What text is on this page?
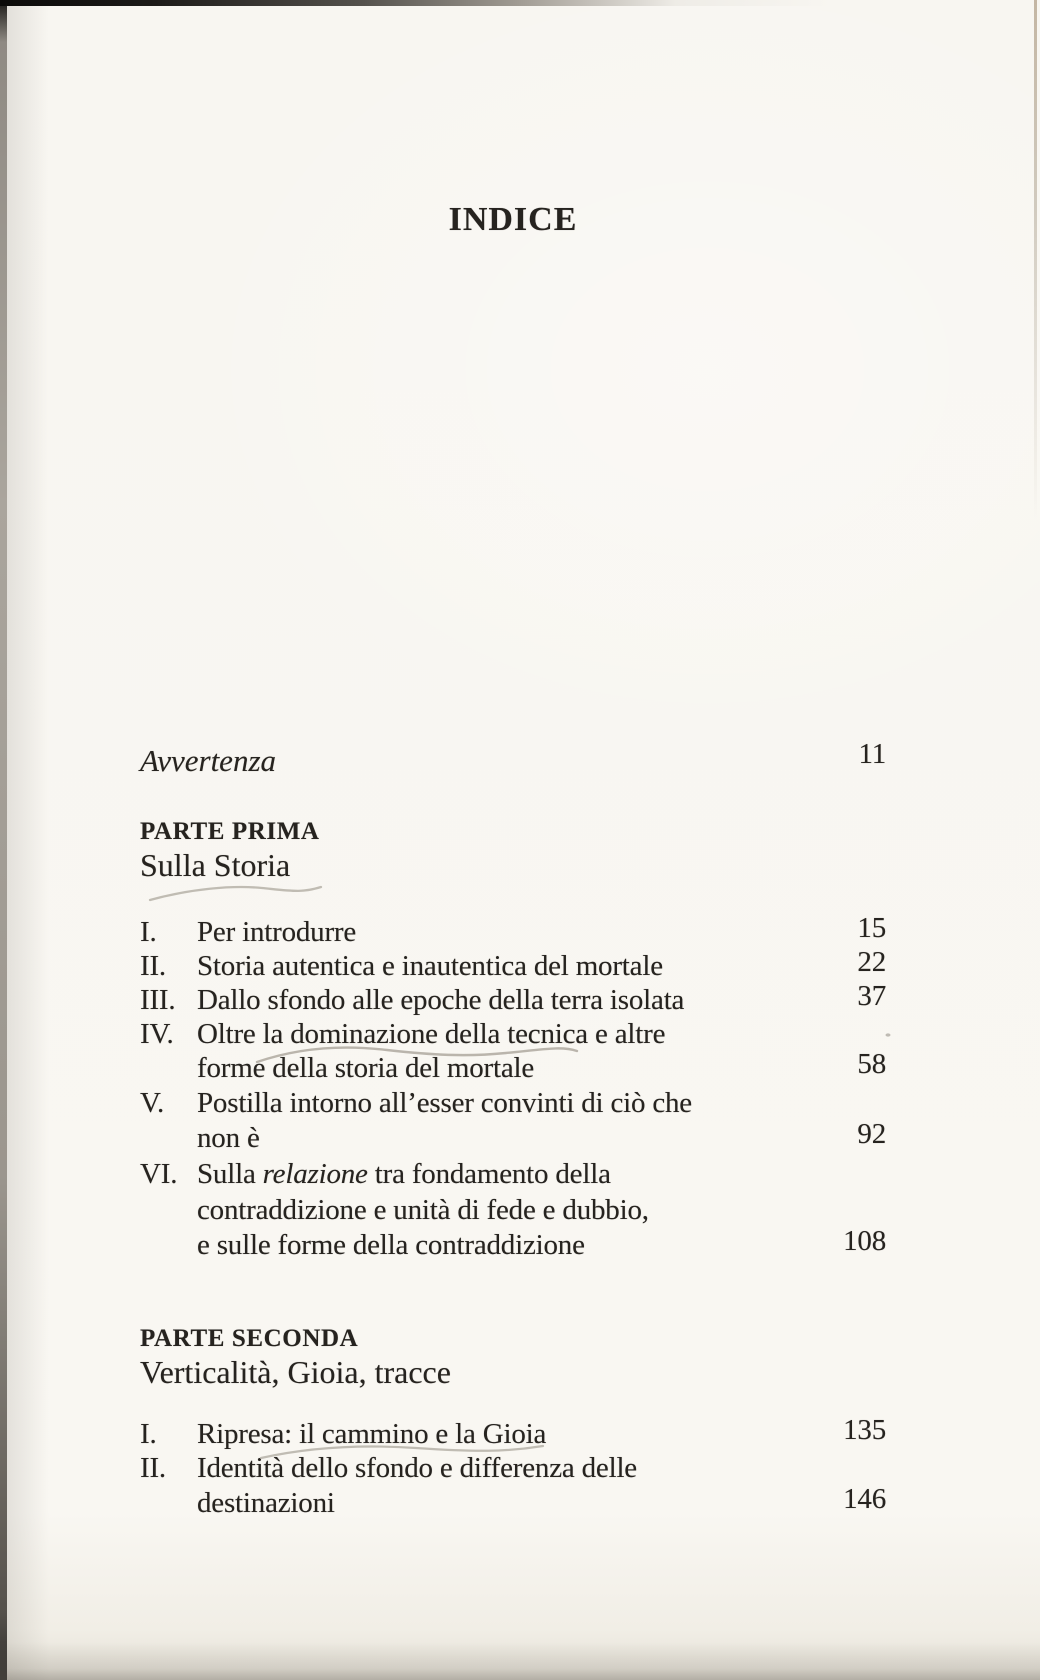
INDICE
Avvertenza	11
PARTE PRIMA
Sulla Storia
I. Per introdurre	15
II. Storia autentica e inautentica del mortale	22
III. Dallo sfondo alle epoche della terra isolata	37
IV. Oltre la dominazione della tecnica e altre
forme della storia del mortale	58
V. Postilla intorno all’esser convinti di ciò che
non è	92
VI. Sulla relazione tra fondamento della
contraddizione e unità di fede e dubbio,
e sulle forme della contraddizione	108
PARTE SECONDA
Verticalità, Gioia, tracce
I. Ripresa: il cammino e la Gioia	135
II. Identità dello sfondo e differenza delle
destinazioni	146
